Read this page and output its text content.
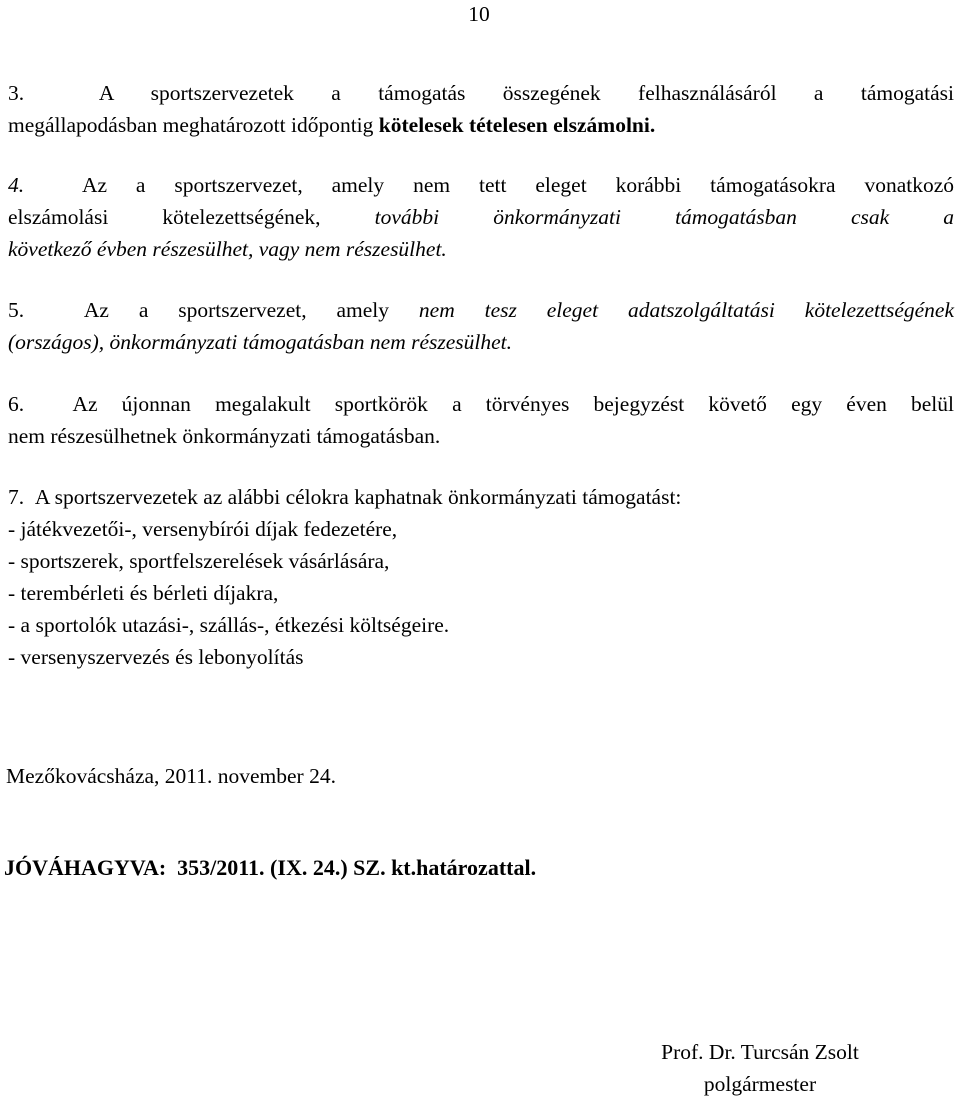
10
3.	A sportszervezetek a támogatás összegének felhasználásáról a támogatási
megállapodásban meghatározott időpontig kötelesek tételesen elszámolni.
4.	Az a sportszervezet, amely nem tett eleget korábbi támogatásokra vonatkozó
elszámolási kötelezettségének, további önkormányzati támogatásban csak a
következő évben részesülhet, vagy nem részesülhet.
5.	Az a sportszervezet, amely nem tesz eleget adatszolgáltatási kötelezettségének
(országos), önkormányzati támogatásban nem részesülhet.
6. Az újonnan megalakult sportkörök a törvényes bejegyzést követő egy éven belül
nem részesülhetnek önkormányzati támogatásban.
7. A sportszervezetek az alábbi célokra kaphatnak önkormányzati támogatást:
- játékvezetői-, versenybírói díjak fedezetére,
- sportszerek, sportfelszerelések vásárlására,
- terembérleti és bérleti díjakra,
- a sportolók utazási-, szállás-, étkezési költségeire.
- versenyszervezés és lebonyolítás
Mezőkovácsháza, 2011. november 24.
JÓVÁHAGYVA:  353/2011. (IX. 24.) SZ. kt.határozattal.
Prof. Dr. Turcsán Zsolt
polgármester
